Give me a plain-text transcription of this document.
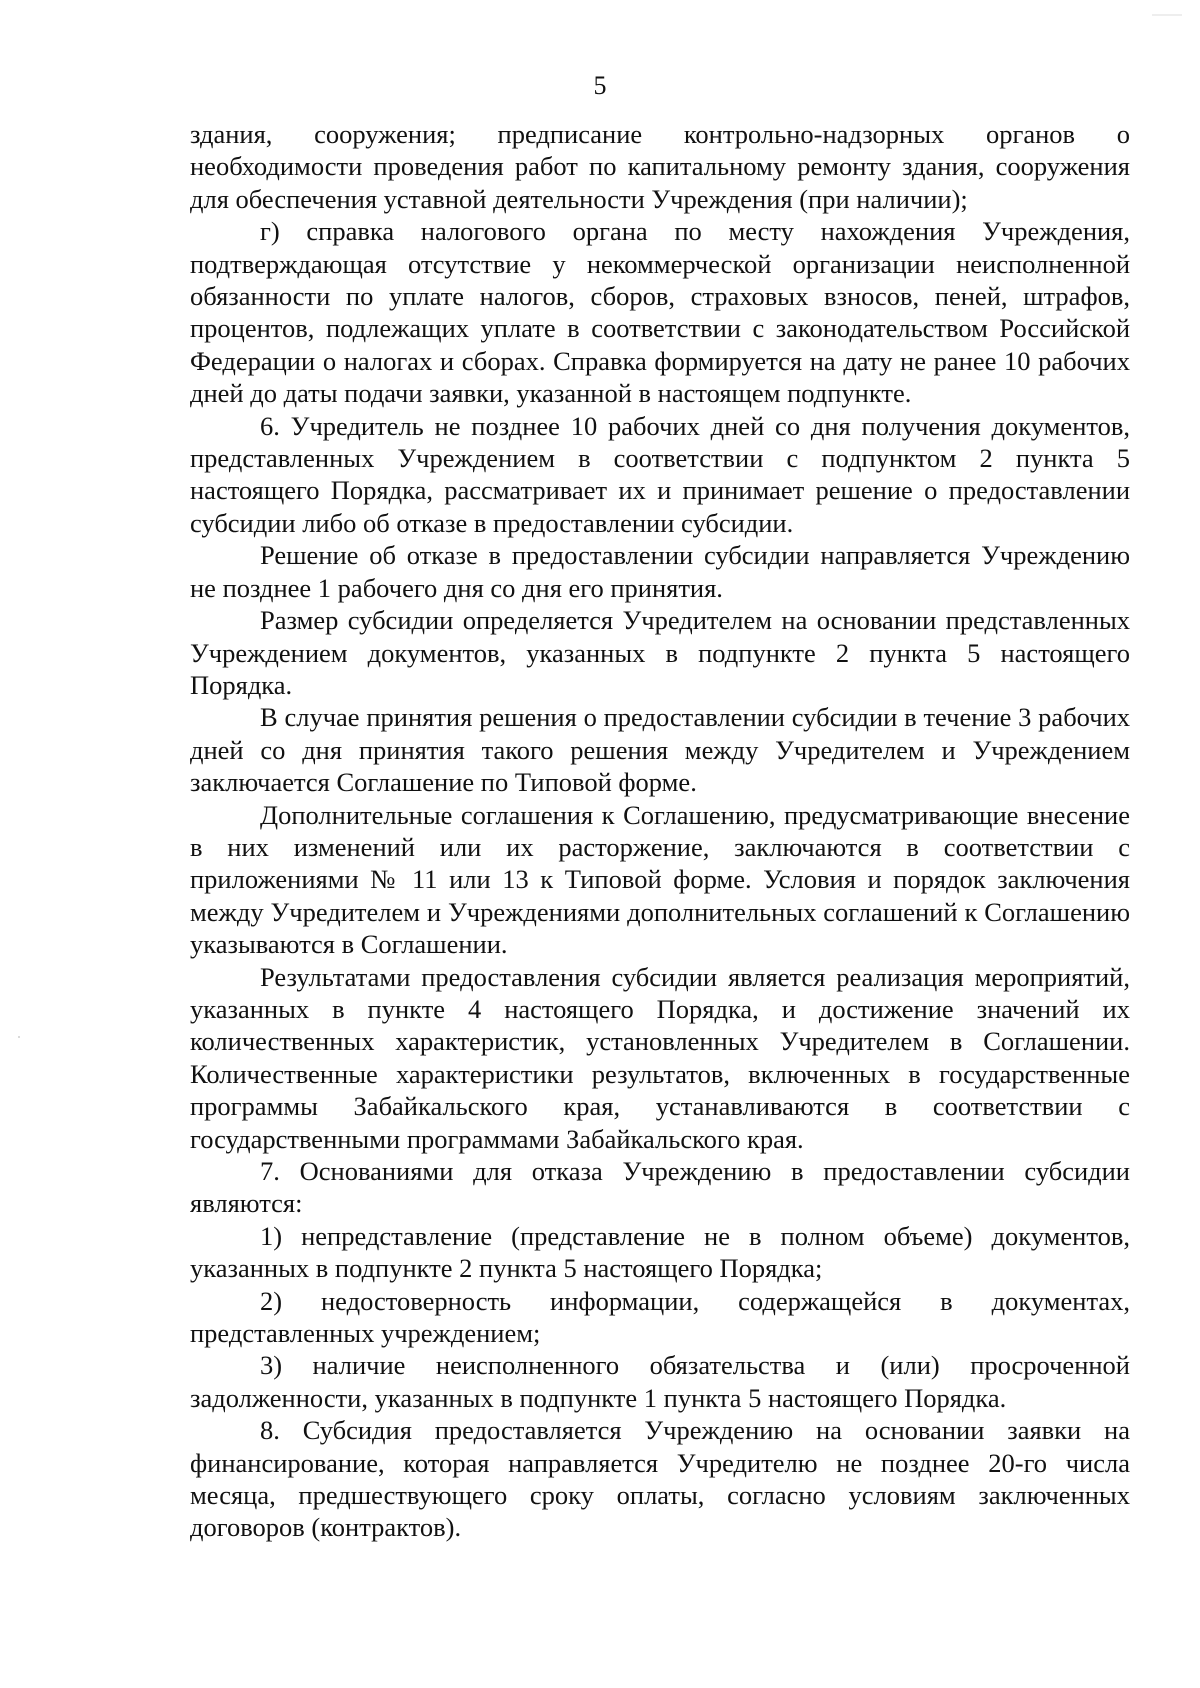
5

здания, сооружения; предписание контрольно-надзорных органов о необходимости проведения работ по капитальному ремонту здания, сооружения для обеспечения уставной деятельности Учреждения (при наличии);

г) справка налогового органа по месту нахождения Учреждения, подтверждающая отсутствие у некоммерческой организации неисполненной обязанности по уплате налогов, сборов, страховых взносов, пеней, штрафов, процентов, подлежащих уплате в соответствии с законодательством Российской Федерации о налогах и сборах. Справка формируется на дату не ранее 10 рабочих дней до даты подачи заявки, указанной в настоящем подпункте.

6. Учредитель не позднее 10 рабочих дней со дня получения документов, представленных Учреждением в соответствии с подпунктом 2 пункта 5 настоящего Порядка, рассматривает их и принимает решение о предоставлении субсидии либо об отказе в предоставлении субсидии.

Решение об отказе в предоставлении субсидии направляется Учреждению не позднее 1 рабочего дня со дня его принятия.

Размер субсидии определяется Учредителем на основании представленных Учреждением документов, указанных в подпункте 2 пункта 5 настоящего Порядка.

В случае принятия решения о предоставлении субсидии в течение 3 рабочих дней со дня принятия такого решения между Учредителем и Учреждением заключается Соглашение по Типовой форме.

Дополнительные соглашения к Соглашению, предусматривающие внесение в них изменений или их расторжение, заключаются в соответствии с приложениями № 11 или 13 к Типовой форме. Условия и порядок заключения между Учредителем и Учреждениями дополнительных соглашений к Соглашению указываются в Соглашении.

Результатами предоставления субсидии является реализация мероприятий, указанных в пункте 4 настоящего Порядка, и достижение значений их количественных характеристик, установленных Учредителем в Соглашении. Количественные характеристики результатов, включенных в государственные программы Забайкальского края, устанавливаются в соответствии с государственными программами Забайкальского края.

7. Основаниями для отказа Учреждению в предоставлении субсидии являются:

1) непредставление (представление не в полном объеме) документов, указанных в подпункте 2 пункта 5 настоящего Порядка;

2) недостоверность информации, содержащейся в документах, представленных учреждением;

3) наличие неисполненного обязательства и (или) просроченной задолженности, указанных в подпункте 1 пункта 5 настоящего Порядка.

8. Субсидия предоставляется Учреждению на основании заявки на финансирование, которая направляется Учредителю не позднее 20-го числа месяца, предшествующего сроку оплаты, согласно условиям заключенных договоров (контрактов).
